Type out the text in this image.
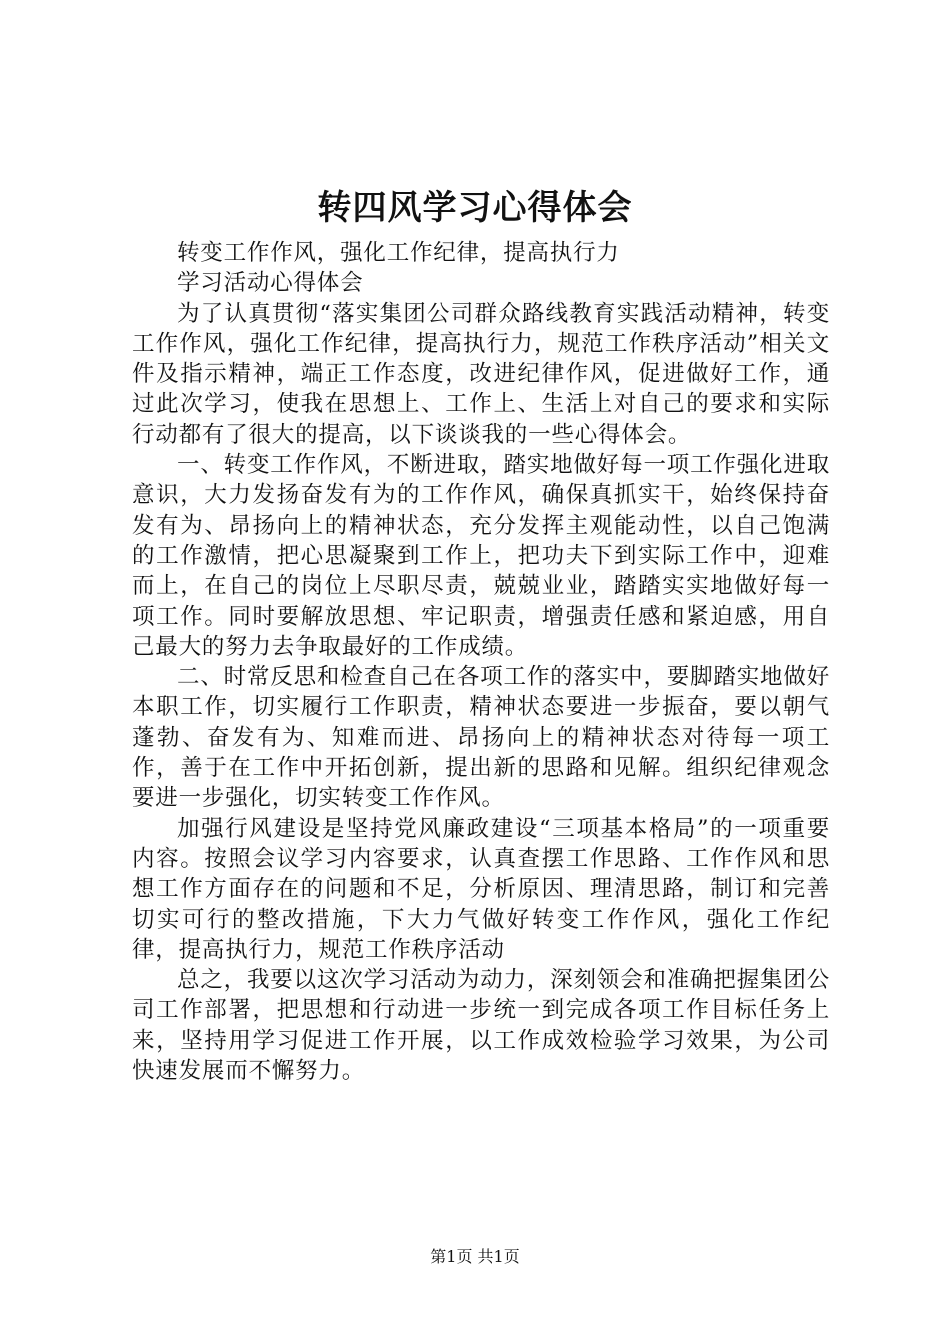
转四风学习心得体会

转变工作作风，强化工作纪律，提高执行力

学习活动心得体会

为了认真贯彻“落实集团公司群众路线教育实践活动精神，转变工作作风，强化工作纪律，提高执行力，规范工作秩序活动”相关文件及指示精神，端正工作态度，改进纪律作风，促进做好工作，通过此次学习，使我在思想上、工作上、生活上对自己的要求和实际行动都有了很大的提高，以下谈谈我的一些心得体会。

一、转变工作作风，不断进取，踏实地做好每一项工作强化进取意识，大力发扬奋发有为的工作作风，确保真抓实干，始终保持奋发有为、昂扬向上的精神状态，充分发挥主观能动性，以自己饱满的工作激情，把心思凝聚到工作上，把功夫下到实际工作中，迎难而上，在自己的岗位上尽职尽责，兢兢业业，踏踏实实地做好每一项工作。同时要解放思想、牢记职责，增强责任感和紧迫感，用自己最大的努力去争取最好的工作成绩。

二、时常反思和检查自己在各项工作的落实中，要脚踏实地做好本职工作，切实履行工作职责，精神状态要进一步振奋，要以朝气蓬勃、奋发有为、知难而进、昂扬向上的精神状态对待每一项工作，善于在工作中开拓创新，提出新的思路和见解。组织纪律观念要进一步强化，切实转变工作作风。

加强行风建设是坚持党风廉政建设“三项基本格局”的一项重要内容。按照会议学习内容要求，认真查摆工作思路、工作作风和思想工作方面存在的问题和不足，分析原因、理清思路，制订和完善切实可行的整改措施，下大力气做好转变工作作风，强化工作纪律，提高执行力，规范工作秩序活动

总之，我要以这次学习活动为动力，深刻领会和准确把握集团公司工作部署，把思想和行动进一步统一到完成各项工作目标任务上来，坚持用学习促进工作开展，以工作成效检验学习效果，为公司快速发展而不懈努力。

第1页 共1页
